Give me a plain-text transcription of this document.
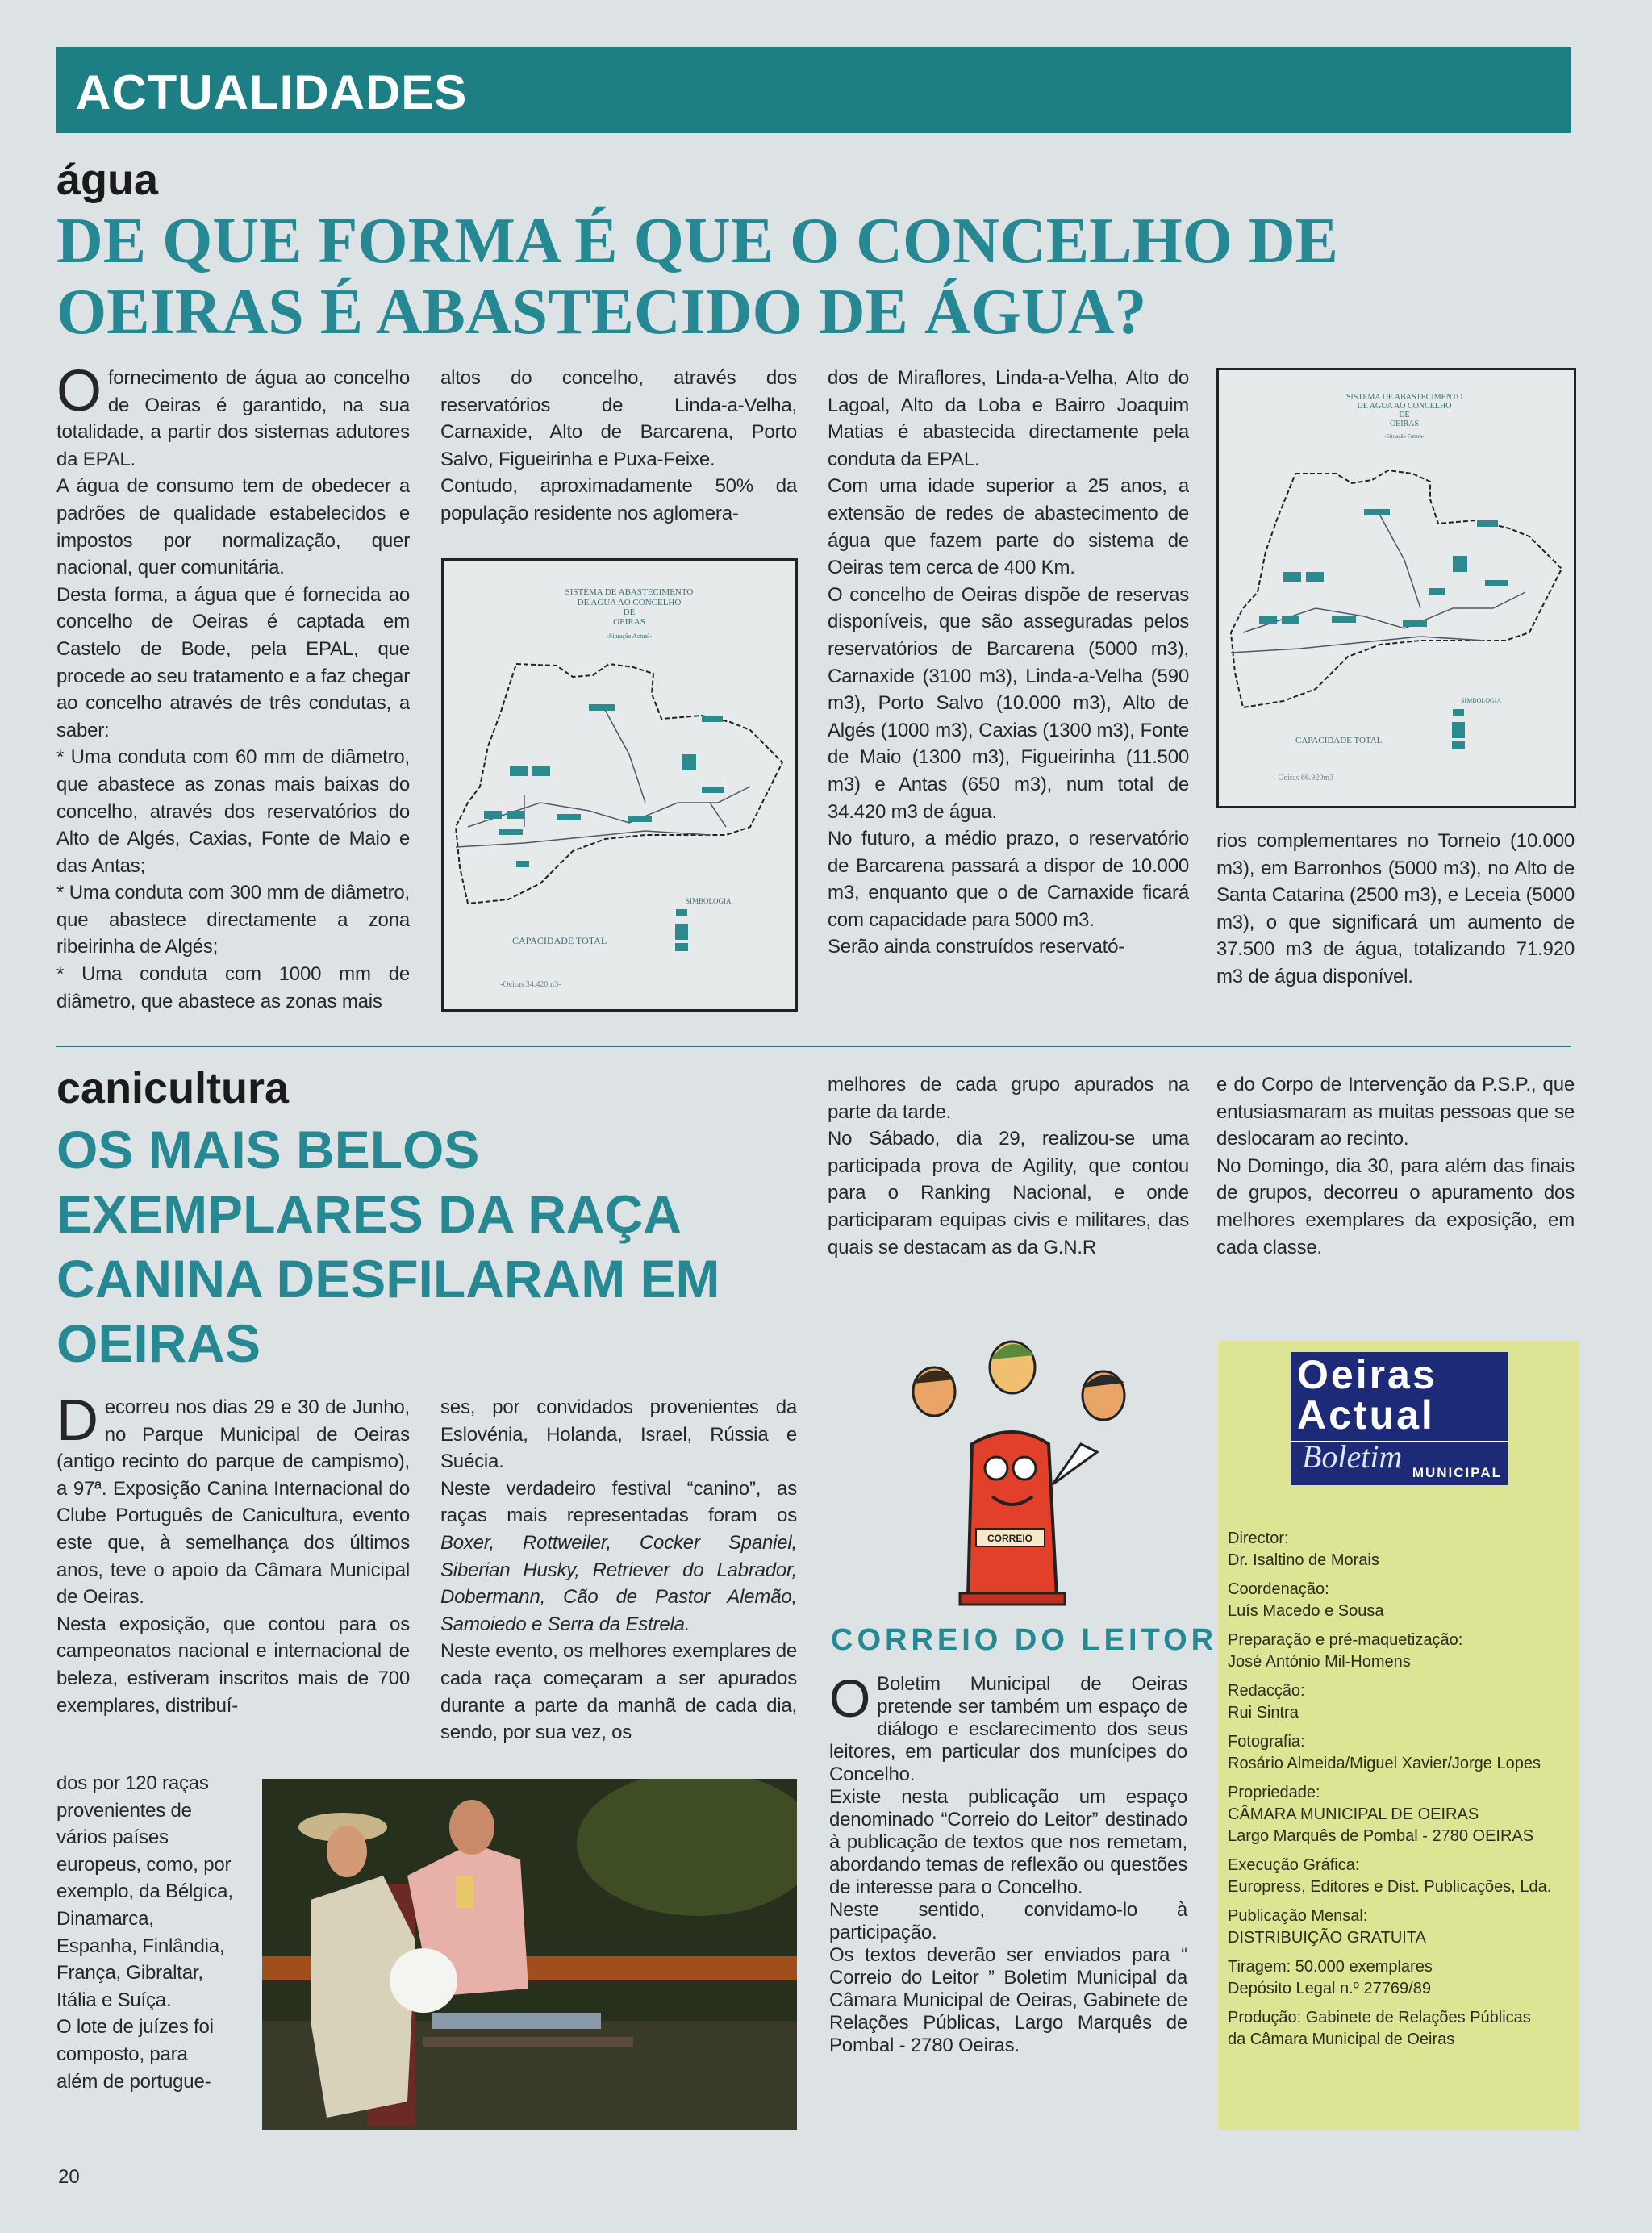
ACTUALIDADES
água
DE QUE FORMA É QUE O CONCELHO DE
OEIRAS É ABASTECIDO DE ÁGUA?

Ofornecimento de água ao concelho de Oeiras é garantido, na sua totalidade, a partir dos sistemas adutores da EPAL.

A água de consumo tem de obedecer a padrões de qualidade estabelecidos e impostos por normalização, quer nacional, quer comunitária.

Desta forma, a água que é fornecida ao concelho de Oeiras é captada em Castelo de Bode, pela EPAL, que procede ao seu tratamento e a faz chegar ao concelho através de três condutas, a saber:

* Uma conduta com 60 mm de diâmetro, que abastece as zonas mais baixas do concelho, através dos reservatórios do Alto de Algés, Caxias, Fonte de Maio e das Antas;

* Uma conduta com 300 mm de diâmetro, que abastece directamente a zona ribeirinha de Algés;

* Uma conduta com 1000 mm de diâmetro, que abastece as zonas mais

altos do concelho, através dos reservatórios de Linda-a-Velha, Carnaxide, Alto de Barcarena, Porto Salvo, Figueirinha e Puxa-Feixe.

Contudo, aproximadamente 50% da população residente nos aglomera-

dos de Miraflores, Linda-a-Velha, Alto do Lagoal, Alto da Loba e Bairro Joaquim Matias é abastecida directamente pela conduta da EPAL.

Com uma idade superior a 25 anos, a extensão de redes de abastecimento de água que fazem parte do sistema de Oeiras tem cerca de 400 Km.

O concelho de Oeiras dispõe de reservas disponíveis, que são asseguradas pelos reservatórios de Barcarena (5000 m3), Carnaxide (3100 m3), Linda-a-Velha (590 m3), Porto Salvo (10.000 m3), Alto de Algés (1000 m3), Caxias (1300 m3), Fonte de Maio (1300 m3), Figueirinha (11.500 m3) e Antas (650 m3), num total de 34.420 m3 de água.

No futuro, a médio prazo, o reservatório de Barcarena passará a dispor de 10.000 m3, enquanto que o de Carnaxide ficará com capacidade para 5000 m3.

Serão ainda construídos reservató-

rios complementares no Torneio (10.000 m3), em Barronhos (5000 m3), no Alto de Santa Catarina (2500 m3), e Leceia (5000 m3), o que significará um aumento de 37.500 m3 de água, totalizando 71.920 m3 de água disponível.

SISTEMA DE ABASTECIMENTO
DE AGUA AO CONCELHO
DE
OEIRAS
-Situação Actual-
SIMBOLOGIA
CAPACIDADE TOTAL
-Oeiras 34.420m3-
SISTEMA DE ABASTECIMENTO
DE AGUA AO CONCELHO
DE
OEIRAS
-Situação Futura-
SIMBOLOGIA
CAPACIDADE TOTAL
-Oeiras 66.920m3-
canicultura
OS MAIS BELOS
EXEMPLARES DA RAÇA
CANINA DESFILARAM EM
OEIRAS

Decorreu nos dias 29 e 30 de Junho, no Parque Municipal de Oeiras (antigo recinto do parque de campismo), a 97ª. Exposição Canina Internacional do Clube Português de Canicultura, evento este que, à semelhança dos últimos anos, teve o apoio da Câmara Municipal de Oeiras.

Nesta exposição, que contou para os campeonatos nacional e internacional de beleza, estiveram inscritos mais de 700 exemplares, distribuí-

dos por 120 raças provenientes de vários países europeus, como, por exemplo, da Bélgica, Dinamarca, Espanha, Finlândia, França, Gibraltar, Itália e Suíça.

O lote de juízes foi composto, para além de portugue-

ses, por convidados provenientes da Eslovénia, Holanda, Israel, Rússia e Suécia.

Neste verdadeiro festival “canino”, as raças mais representadas foram os Boxer, Rottweiler, Cocker Spaniel, Siberian Husky, Retriever do Labrador, Dobermann, Cão de Pastor Alemão, Samoiedo e Serra da Estrela.

Neste evento, os melhores exemplares de cada raça começaram a ser apurados durante a parte da manhã de cada dia, sendo, por sua vez, os

melhores de cada grupo apurados na parte da tarde.

No Sábado, dia 29, realizou-se uma participada prova de Agility, que contou para o Ranking Nacional, e onde participaram equipas civis e militares, das quais se destacam as da G.N.R

e do Corpo de Intervenção da P.S.P., que entusiasmaram as muitas pessoas que se deslocaram ao recinto.

No Domingo, dia 30, para além das finais de grupos, decorreu o apuramento dos melhores exemplares da exposição, em cada classe.

CORREIO
CORREIO DO LEITOR

O Boletim Municipal de Oeiras pretende ser também um espaço de diálogo e esclarecimento dos seus leitores, em particular dos munícipes do Concelho.

Existe nesta publicação um espaço denominado “Correio do Leitor” destinado à publicação de textos que nos remetam, abordando temas de reflexão ou questões de interesse para o Concelho.

Neste sentido, convidamo-lo à participação.

Os textos deverão ser enviados para “ Correio do Leitor ” Boletim Municipal da Câmara Municipal de Oeiras, Gabinete de Relações Públicas, Largo Marquês de Pombal - 2780 Oeiras.

Oeiras
Actual
Boletim MUNICIPAL
Director:
Dr. Isaltino de Morais
Coordenação:
Luís Macedo e Sousa
Preparação e pré-maquetização:
José António Mil-Homens
Redacção:
Rui Sintra
Fotografia:
Rosário Almeida/Miguel Xavier/Jorge Lopes
Propriedade:
CÂMARA MUNICIPAL DE OEIRAS
Largo Marquês de Pombal - 2780 OEIRAS
Execução Gráfica:
Europress, Editores e Dist. Publicações, Lda.
Publicação Mensal:
DISTRIBUIÇÃO GRATUITA
Tiragem: 50.000 exemplares
Depósito Legal n.º 27769/89
Produção: Gabinete de Relações Públicas
da Câmara Municipal de Oeiras
20
